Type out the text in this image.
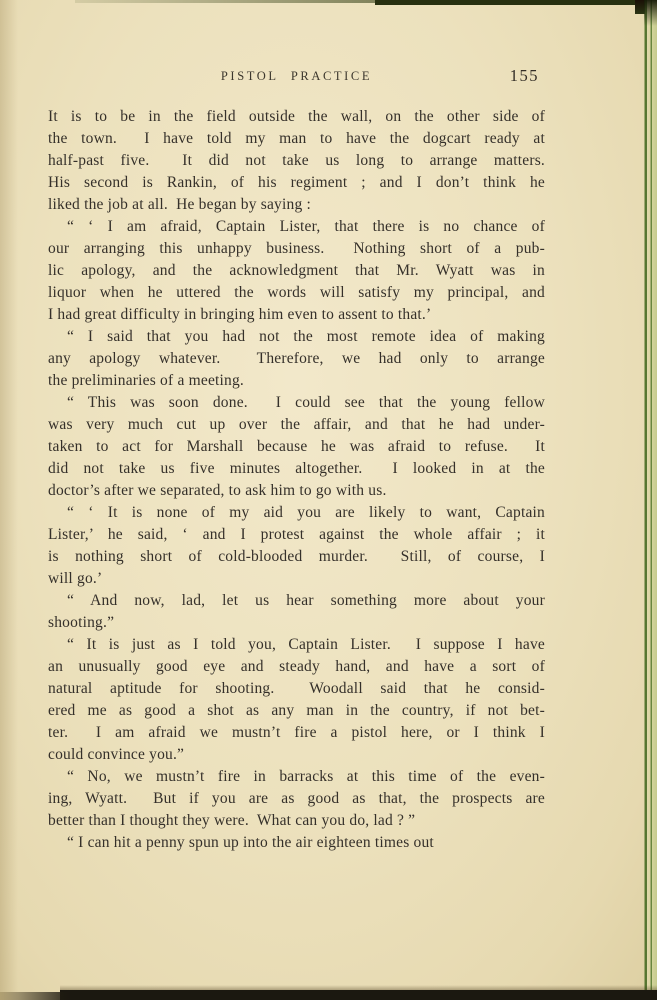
PISTOL PRACTICE	155
It is to be in the field outside the wall, on the other side of
the town.  I have told my man to have the dogcart ready at
half-past five.  It did not take us long to arrange matters.
His second is Rankin, of his regiment ; and I don’t think he
liked the job at all.  He began by saying :
“ ‘ I am afraid, Captain Lister, that there is no chance of
our arranging this unhappy business.  Nothing short of a pub-
lic apology, and the acknowledgment that Mr. Wyatt was in
liquor when he uttered the words will satisfy my principal, and
I had great difficulty in bringing him even to assent to that.’
“ I said that you had not the most remote idea of making
any apology whatever.  Therefore, we had only to arrange
the preliminaries of a meeting.
“ This was soon done.  I could see that the young fellow
was very much cut up over the affair, and that he had under-
taken to act for Marshall because he was afraid to refuse.  It
did not take us five minutes altogether.  I looked in at the
doctor’s after we separated, to ask him to go with us.
“ ‘ It is none of my aid you are likely to want, Captain
Lister,’ he said, ‘ and I protest against the whole affair ; it
is nothing short of cold-blooded murder.  Still, of course, I
will go.’
“ And now, lad, let us hear something more about your
shooting.”
“ It is just as I told you, Captain Lister.  I suppose I have
an unusually good eye and steady hand, and have a sort of
natural aptitude for shooting.  Woodall said that he consid-
ered me as good a shot as any man in the country, if not bet-
ter.  I am afraid we mustn’t fire a pistol here, or I think I
could convince you.”
“ No, we mustn’t fire in barracks at this time of the even-
ing, Wyatt.  But if you are as good as that, the prospects are
better than I thought they were.  What can you do, lad ? ”
“ I can hit a penny spun up into the air eighteen times out
